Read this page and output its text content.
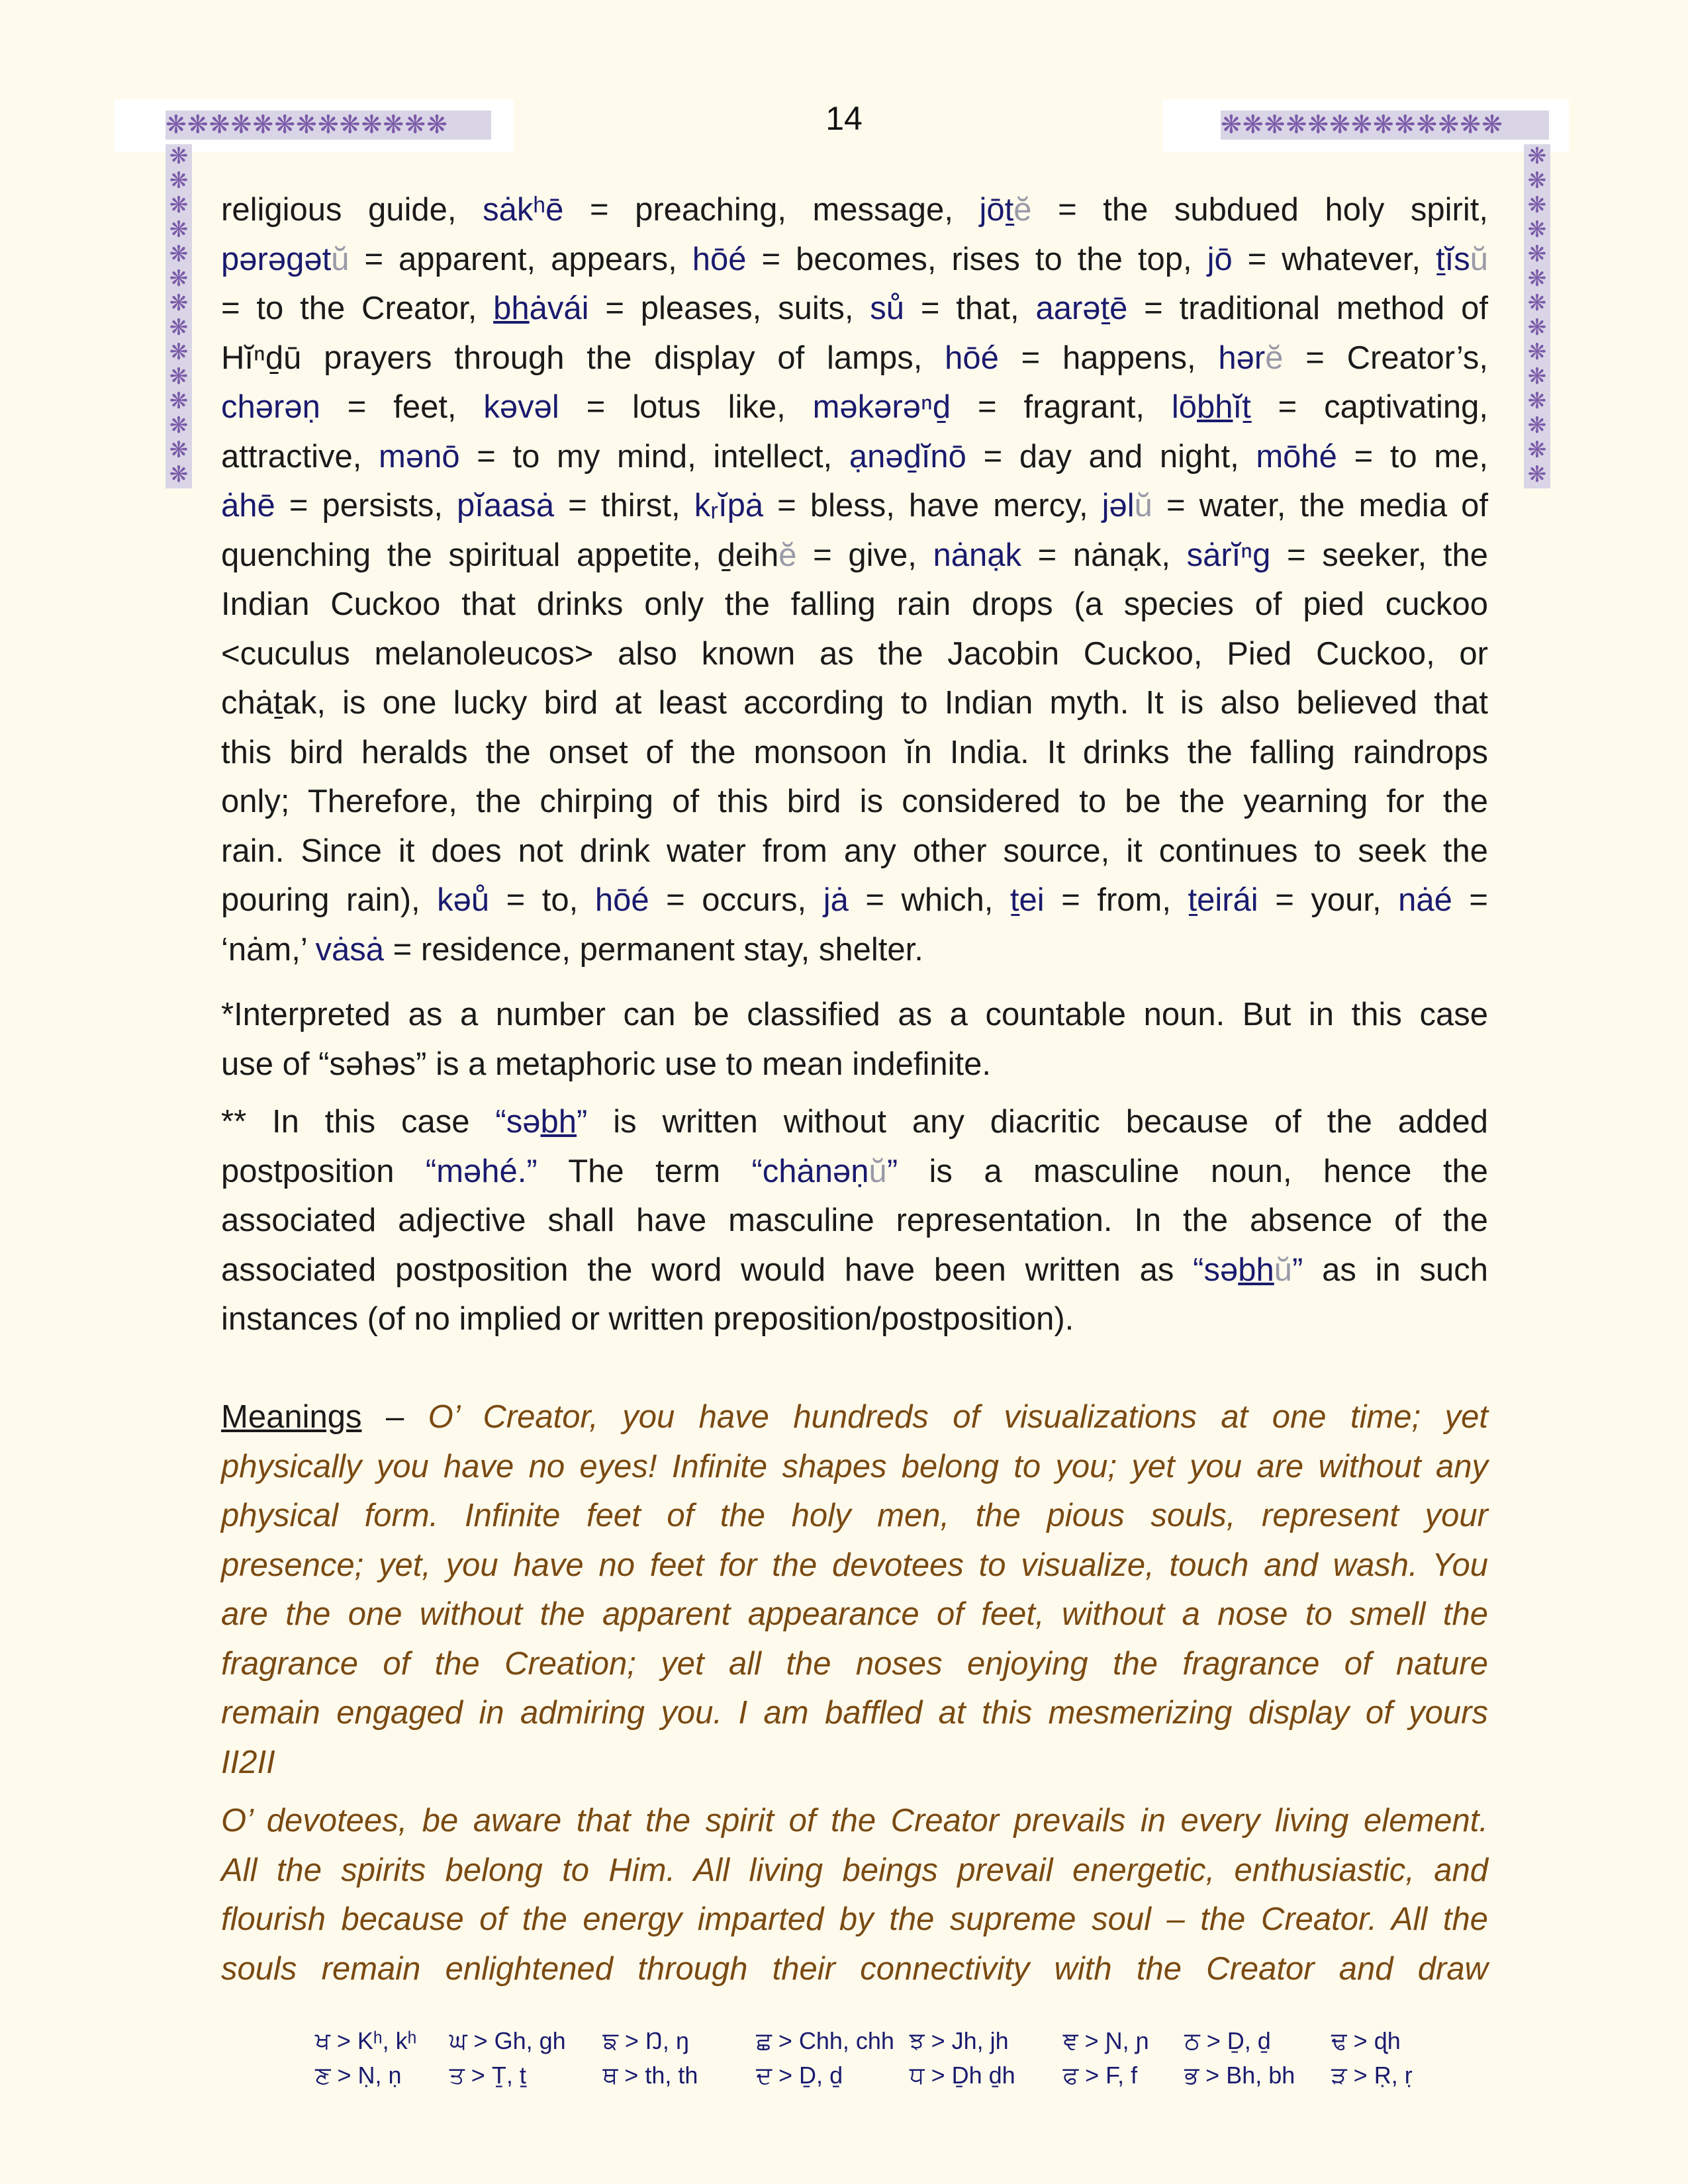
❋❋❋❋❋❋❋❋❋❋❋❋❋	❋❋❋❋❋❋❋❋❋❋❋❋❋
❋
❋
❋
❋
❋
❋
❋
❋
❋
❋
❋
❋
❋
❋
❋
❋
❋
❋
❋
❋
❋
❋
❋
❋
❋
❋
❋
❋
14
religious guide, sȧkʰē = preaching, message, jōṯĕ = the subdued holy spirit,
pərəgətŭ = apparent, appears, hōé = becomes, rises to the top, jō = whatever, ṯĭsŭ
= to the Creator, bhȧvái = pleases, suits, sů = that, aarəṯē = traditional method of
Hĭⁿḏū prayers through the display of lamps, hōé = happens, hərĕ = Creator’s,
chərəṇ = feet, kəvəl = lotus like, məkərəⁿḏ = fragrant, lōbhĭṯ = captivating,
attractive, mənō = to my mind, intellect, ạnəḏĭnō = day and night, mōhé = to me,
ȧhē = persists, pĭaasȧ = thirst, kᵣĭpȧ = bless, have mercy, jəlŭ = water, the media of
quenching the spiritual appetite, ḏeihĕ = give, nȧnạk = nȧnạk, sȧrĭⁿg = seeker, the
Indian Cuckoo that drinks only the falling rain drops (a species of pied cuckoo
<cuculus melanoleucos> also known as the Jacobin Cuckoo, Pied Cuckoo, or
chȧṯak, is one lucky bird at least according to Indian myth. It is also believed that
this bird heralds the onset of the monsoon ĭn India. It drinks the falling raindrops
only; Therefore, the chirping of this bird is considered to be the yearning for the
rain. Since it does not drink water from any other source, it continues to seek the
pouring rain), kəů = to, hōé = occurs, jȧ = which, ṯei = from, ṯeirái = your, nȧé =
‘nȧm,’ vȧsȧ = residence, permanent stay, shelter.
*Interpreted as a number can be classified as a countable noun. But in this case
use of “səhəs” is a metaphoric use to mean indefinite.
** In this case “səbh” is written without any diacritic because of the added
postposition “məhé.” The term “chȧnəṇŭ” is a masculine noun, hence the
associated adjective shall have masculine representation. In the absence of the
associated postposition the word would have been written as “səbhŭ” as in such
instances (of no implied or written preposition/postposition).
Meanings – O’ Creator, you have hundreds of visualizations at one time; yet
physically you have no eyes! Infinite shapes belong to you; yet you are without any
physical form. Infinite feet of the holy men, the pious souls, represent your
presence; yet, you have no feet for the devotees to visualize, touch and wash. You
are the one without the apparent appearance of feet, without a nose to smell the
fragrance of the Creation; yet all the noses enjoying the fragrance of nature
remain engaged in admiring you. I am baffled at this mesmerizing display of yours
II2II
O’ devotees, be aware that the spirit of the Creator prevails in every living element.
All the spirits belong to Him. All living beings prevail energetic, enthusiastic, and
flourish because of the energy imparted by the supreme soul – the Creator. All the
souls remain enlightened through their connectivity with the Creator and draw
ਖ > Kʰ, kʰ	ਘ > Gh, gh	ਙ > Ŋ, ŋ	ਛ > Chh, chh ਝ > Jh, jh	ਞ > Ɲ, ɲ	ਠ > Ḏ, ḏ	ਢ > ɖh
ਣ > Ṇ, ṇ	ਤ > Ṯ, ṯ	ਥ > th, th	ਦ > Ḏ, ḏ	ਧ > Ḏh ḏh	ਫ > F, f	ਭ > Bh, bh	ੜ > Ṛ, ṛ
